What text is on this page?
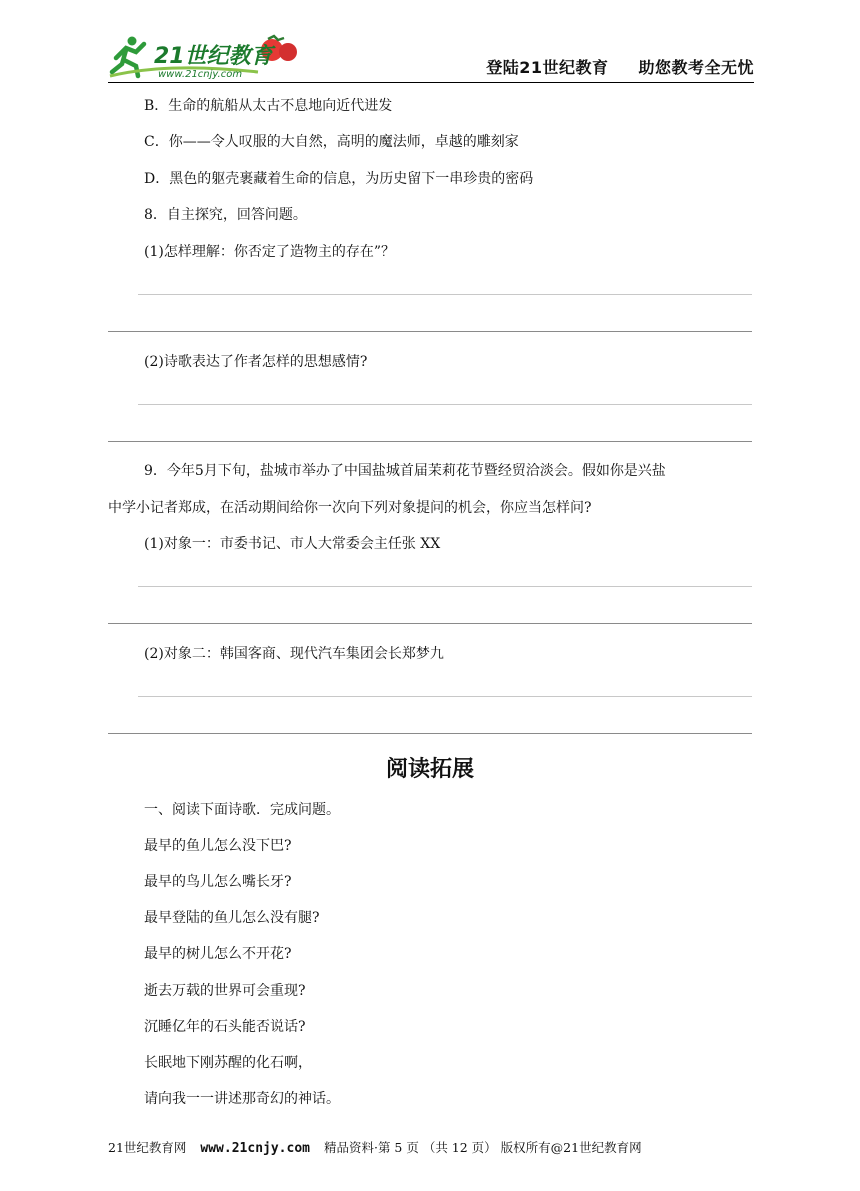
21世纪教育
www.21cnjy.com	登陆21世纪教育 助您教考全无忧
B．生命的航船从太古不息地向近代进发
C．你——令人叹服的大自然，高明的魔法师，卓越的雕刻家
D．黑色的躯壳裹藏着生命的信息，为历史留下一串珍贵的密码
8．自主探究，回答问题。
(1)怎样理解：你否定了造物主的存在”？
(2)诗歌表达了作者怎样的思想感情?
9．今年5月下旬，盐城市举办了中国盐城首届茉莉花节暨经贸洽淡会。假如你是兴盐
中学小记者郑成，在活动期间给你一次向下列对象提问的机会，你应当怎样问?
(1)对象一：市委书记、市人大常委会主任张 XX
(2)对象二：韩国客商、现代汽车集团会长郑梦九
阅读拓展
一、阅读下面诗歌．完成问题。
最早的鱼儿怎么没下巴?
最早的鸟儿怎么嘴长牙?
最早登陆的鱼儿怎么没有腿?
最早的树儿怎么不开花?
逝去万载的世界可会重现?
沉睡亿年的石头能否说话?
长眠地下刚苏醒的化石啊，
请向我一一讲述那奇幻的神话。
21世纪教育网 www.21cnjy.com 精品资料·第 5 页 （共 12 页） 版权所有@21世纪教育网
